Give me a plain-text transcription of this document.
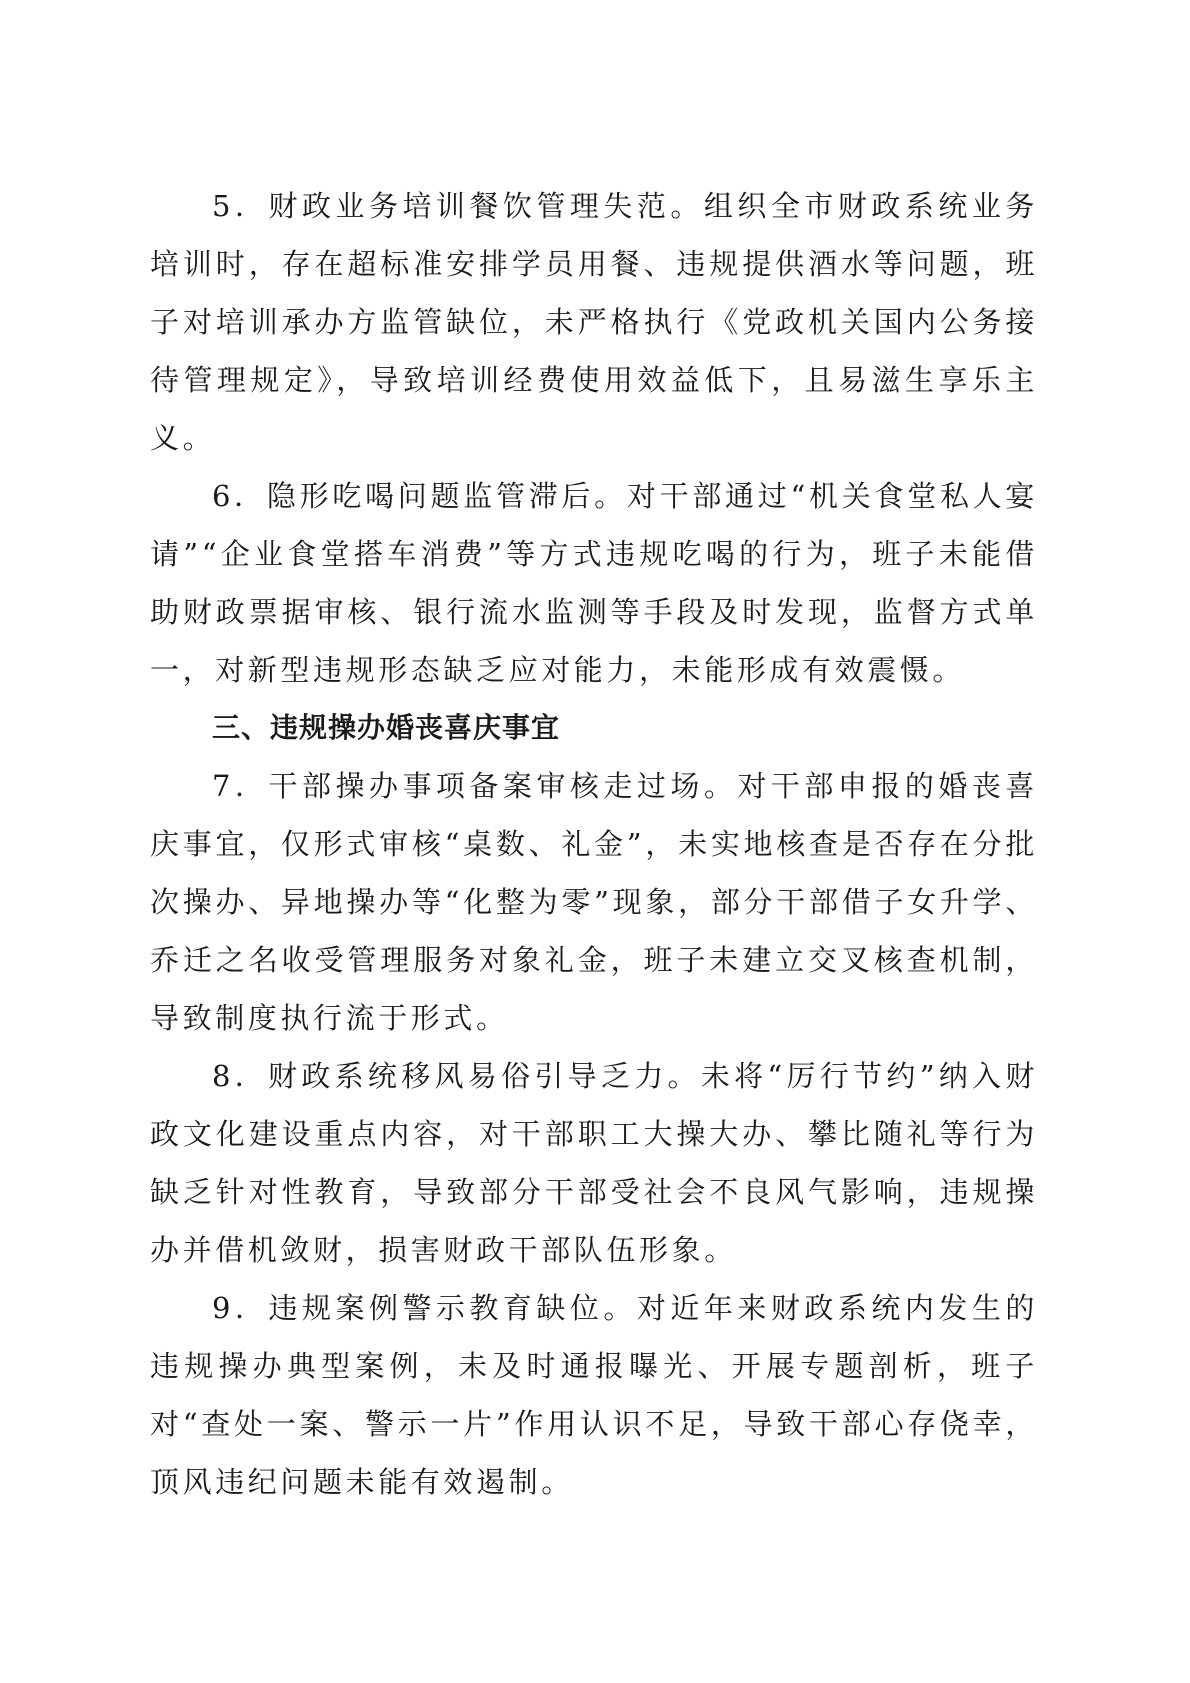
5．财政业务培训餐饮管理失范。组织全市财政系统业务培训时，存在超标准安排学员用餐、违规提供酒水等问题，班子对培训承办方监管缺位，未严格执行《党政机关国内公务接待管理规定》，导致培训经费使用效益低下，且易滋生享乐主义。

6．隐形吃喝问题监管滞后。对干部通过“机关食堂私人宴请”“企业食堂搭车消费”等方式违规吃喝的行为，班子未能借助财政票据审核、银行流水监测等手段及时发现，监督方式单一，对新型违规形态缺乏应对能力，未能形成有效震慑。

三、违规操办婚丧喜庆事宜

7．干部操办事项备案审核走过场。对干部申报的婚丧喜庆事宜，仅形式审核“桌数、礼金”，未实地核查是否存在分批次操办、异地操办等“化整为零”现象，部分干部借子女升学、乔迁之名收受管理服务对象礼金，班子未建立交叉核查机制，导致制度执行流于形式。

8．财政系统移风易俗引导乏力。未将“厉行节约”纳入财政文化建设重点内容，对干部职工大操大办、攀比随礼等行为缺乏针对性教育，导致部分干部受社会不良风气影响，违规操办并借机敛财，损害财政干部队伍形象。

9．违规案例警示教育缺位。对近年来财政系统内发生的违规操办典型案例，未及时通报曝光、开展专题剖析，班子对“查处一案、警示一片”作用认识不足，导致干部心存侥幸，顶风违纪问题未能有效遏制。
